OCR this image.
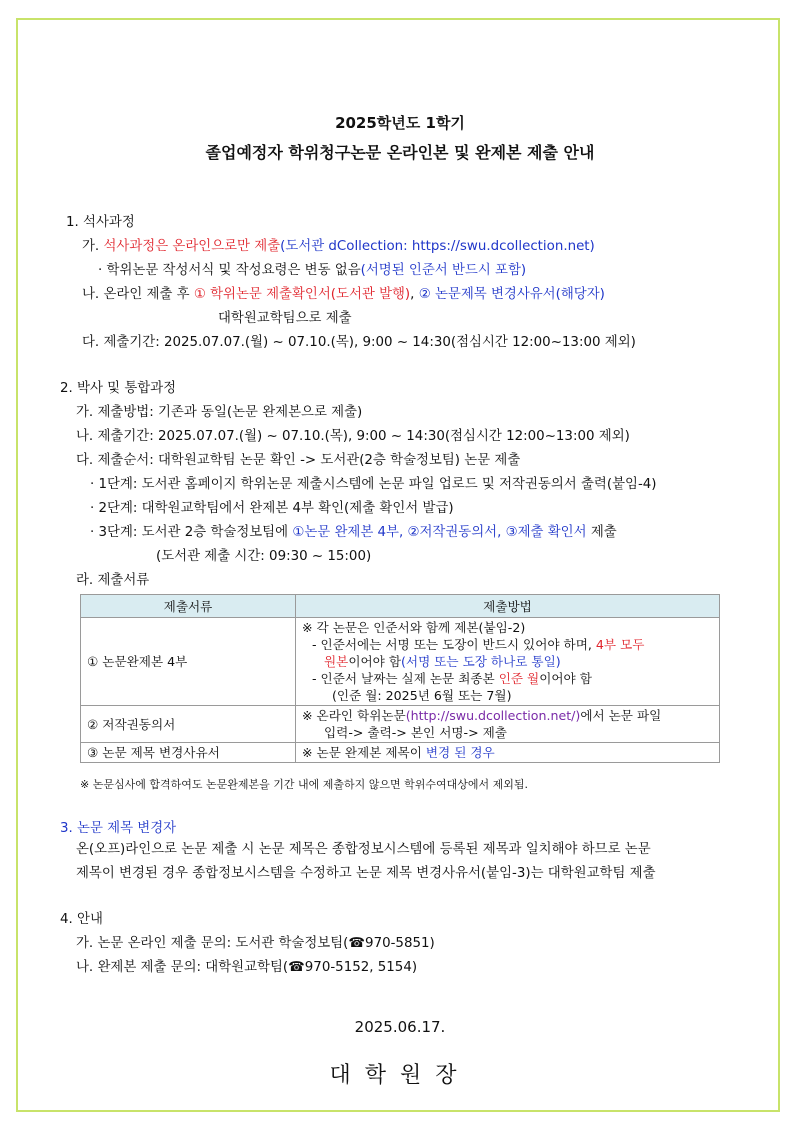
2025학년도 1학기
졸업예정자 학위청구논문 온라인본 및 완제본 제출 안내
1. 석사과정
가. 석사과정은 온라인으로만 제출(도서관 dCollection: https://swu.dcollection.net)
· 학위논문 작성서식 및 작성요령은 변동 없음(서명된 인준서 반드시 포함)
나. 온라인 제출 후 ① 학위논문 제출확인서(도서관 발행), ② 논문제목 변경사유서(해당자)
대학원교학팀으로 제출
다. 제출기간: 2025.07.07.(월) ~ 07.10.(목), 9:00 ~ 14:30(점심시간 12:00~13:00 제외)
2. 박사 및 통합과정
가. 제출방법: 기존과 동일(논문 완제본으로 제출)
나. 제출기간: 2025.07.07.(월) ~ 07.10.(목), 9:00 ~ 14:30(점심시간 12:00~13:00 제외)
다. 제출순서: 대학원교학팀 논문 확인 -> 도서관(2층 학술정보팀) 논문 제출
· 1단계: 도서관 홈페이지 학위논문 제출시스템에 논문 파일 업로드 및 저작권동의서 출력(붙임-4)
· 2단계: 대학원교학팀에서 완제본 4부 확인(제출 확인서 발급)
· 3단계: 도서관 2층 학술정보팀에 ①논문 완제본 4부, ②저작권동의서, ③제출 확인서 제출
(도서관 제출 시간: 09:30 ~ 15:00)
라. 제출서류
제출서류	제출방법
① 논문완제본 4부	※ 각 논문은 인준서와 함께 제본(붙임-2)
- 인준서에는 서명 또는 도장이 반드시 있어야 하며, 4부 모두
원본이어야 함(서명 또는 도장 하나로 통일)
- 인준서 날짜는 실제 논문 최종본 인준 월이어야 함
(인준 월: 2025년 6월 또는 7월)

② 저작권동의서	※ 온라인 학위논문(http://swu.dcollection.net/)에서 논문 파일
입력-> 출력-> 본인 서명-> 제출

③ 논문 제목 변경사유서	※ 논문 완제본 제목이 변경 된 경우
※ 논문심사에 합격하여도 논문완제본을 기간 내에 제출하지 않으면 학위수여대상에서 제외됨.
3. 논문 제목 변경자
온(오프)라인으로 논문 제출 시 논문 제목은 종합정보시스템에 등록된 제목과 일치해야 하므로 논문
제목이 변경된 경우 종합정보시스템을 수정하고 논문 제목 변경사유서(붙임-3)는 대학원교학팀 제출
4. 안내
가. 논문 온라인 제출 문의: 도서관 학술정보팀(☎970-5851)
나. 완제본 제출 문의: 대학원교학팀(☎970-5152, 5154)
2025.06.17.
대학원장
